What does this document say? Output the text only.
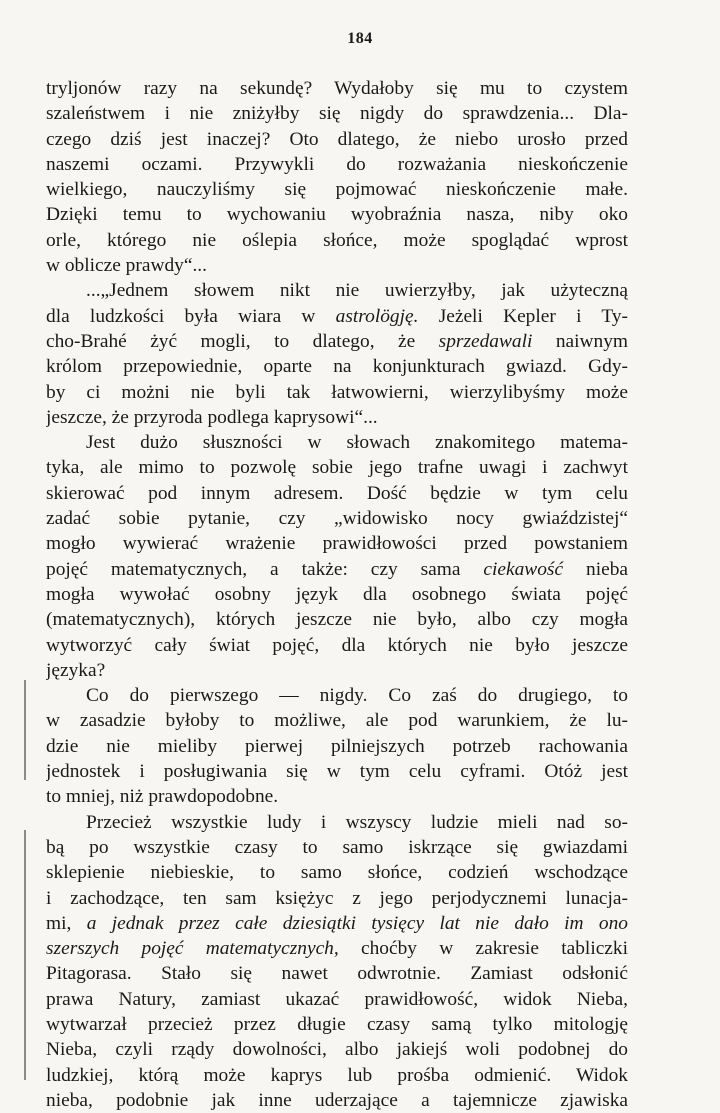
184
tryljonów razy na sekundę? Wydałoby się mu to czystem
szaleństwem i nie zniżyłby się nigdy do sprawdzenia... Dla-
czego dziś jest inaczej? Oto dlatego, że niebo urosło przed
naszemi oczami. Przywykli do rozważania nieskończenie
wielkiego, nauczyliśmy się pojmować nieskończenie małe.
Dzięki temu to wychowaniu wyobraźnia nasza, niby oko
orle, którego nie oślepia słońce, może spoglądać wprost
w oblicze prawdy“...
...„Jednem słowem nikt nie uwierzyłby, jak użyteczną
dla ludzkości była wiara w astrolögję. Jeżeli Kepler i Ty-
cho-Brahé żyć mogli, to dlatego, że sprzedawali naiwnym
królom przepowiednie, oparte na konjunkturach gwiazd. Gdy-
by ci możni nie byli tak łatwowierni, wierzylibyśmy może
jeszcze, że przyroda podlega kaprysowi“...
Jest dużo słuszności w słowach znakomitego matema-
tyka, ale mimo to pozwolę sobie jego trafne uwagi i zachwyt
skierować pod innym adresem. Dość będzie w tym celu
zadać sobie pytanie, czy „widowisko nocy gwiaździstej“
mogło wywierać wrażenie prawidłowości przed powstaniem
pojęć matematycznych, a także: czy sama ciekawość nieba
mogła wywołać osobny język dla osobnego świata pojęć
(matematycznych), których jeszcze nie było, albo czy mogła
wytworzyć cały świat pojęć, dla których nie było jeszcze
języka?
Co do pierwszego — nigdy. Co zaś do drugiego, to
w zasadzie byłoby to możliwe, ale pod warunkiem, że lu-
dzie nie mieliby pierwej pilniejszych potrzeb rachowania
jednostek i posługiwania się w tym celu cyframi. Otóż jest
to mniej, niż prawdopodobne.
Przecież wszystkie ludy i wszyscy ludzie mieli nad so-
bą po wszystkie czasy to samo iskrzące się gwiazdami
sklepienie niebieskie, to samo słońce, codzień wschodzące
i zachodzące, ten sam księżyc z jego perjodycznemi lunacja-
mi, a jednak przez całe dziesiątki tysięcy lat nie dało im ono
szerszych pojęć matematycznych, choćby w zakresie tabliczki
Pitagorasa. Stało się nawet odwrotnie. Zamiast odsłonić
prawa Natury, zamiast ukazać prawidłowość, widok Nieba,
wytwarzał przecież przez długie czasy samą tylko mitologję
Nieba, czyli rządy dowolności, albo jakiejś woli podobnej do
ludzkiej, którą może kaprys lub prośba odmienić. Widok
nieba, podobnie jak inne uderzające a tajemnicze zjawiska
